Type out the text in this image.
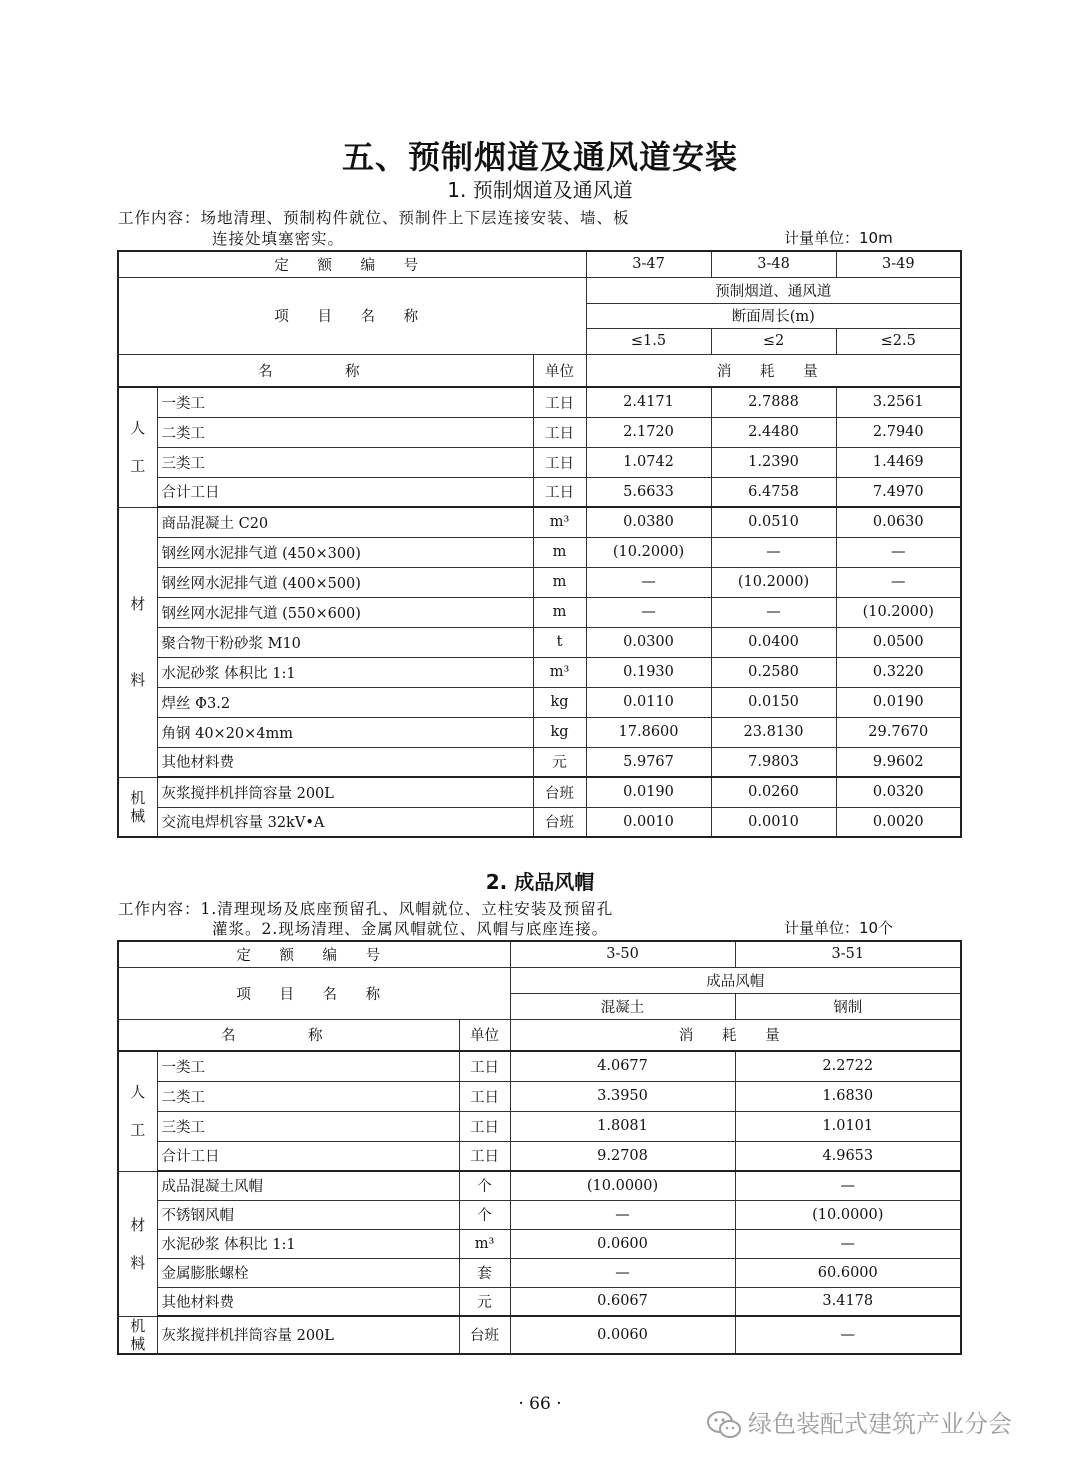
五、预制烟道及通风道安装
1. 预制烟道及通风道
工作内容：场地清理、预制构件就位、预制件上下层连接安装、墙、板
连接处填塞密实。	计量单位：10m
定 额 编 号			3-47	3-48	3-49
项 目 名 称			预制烟道、通风道		
			断面周长(m)		
			≤1.5	≤2	≤2.5
名 称		单位	消 耗 量		
人
工	一类工	工日	2.4171	2.7888	3.2561
	二类工	工日	2.1720	2.4480	2.7940
	三类工	工日	1.0742	1.2390	1.4469
	合计工日	工日	5.6633	6.4758	7.4970
材

料	商品混凝土 C20	m³	0.0380	0.0510	0.0630
	钢丝网水泥排气道 (450×300)	m	(10.2000)	—	—
	钢丝网水泥排气道 (400×500)	m	—	(10.2000)	—
	钢丝网水泥排气道 (550×600)	m	—	—	(10.2000)
	聚合物干粉砂浆 M10	t	0.0300	0.0400	0.0500
	水泥砂浆 体积比 1:1	m³	0.1930	0.2580	0.3220
	焊丝 Φ3.2	kg	0.0110	0.0150	0.0190
	角钢 40×20×4mm	kg	17.8600	23.8130	29.7670
	其他材料费	元	5.9767	7.9803	9.9602
机
械	灰浆搅拌机拌筒容量 200L	台班	0.0190	0.0260	0.0320
	交流电焊机容量 32kV•A	台班	0.0010	0.0010	0.0020
2. 成品风帽
工作内容：1.清理现场及底座预留孔、风帽就位、立柱安装及预留孔
灌浆。2.现场清理、金属风帽就位、风帽与底座连接。	计量单位：10个
定 额 编 号			3-50	3-51
项 目 名 称			成品风帽	
			混凝土	钢制
名 称		单位	消 耗 量	
人
工	一类工	工日	4.0677	2.2722
	二类工	工日	3.3950	1.6830
	三类工	工日	1.8081	1.0101
	合计工日	工日	9.2708	4.9653
材
料	成品混凝土风帽	个	(10.0000)	—
	不锈钢风帽	个	—	(10.0000)
	水泥砂浆 体积比 1:1	m³	0.0600	—
	金属膨胀螺栓	套	—	60.6000
	其他材料费	元	0.6067	3.4178
机
械	灰浆搅拌机拌筒容量 200L	台班	0.0060	—
· 66 ·
绿色装配式建筑产业分会
